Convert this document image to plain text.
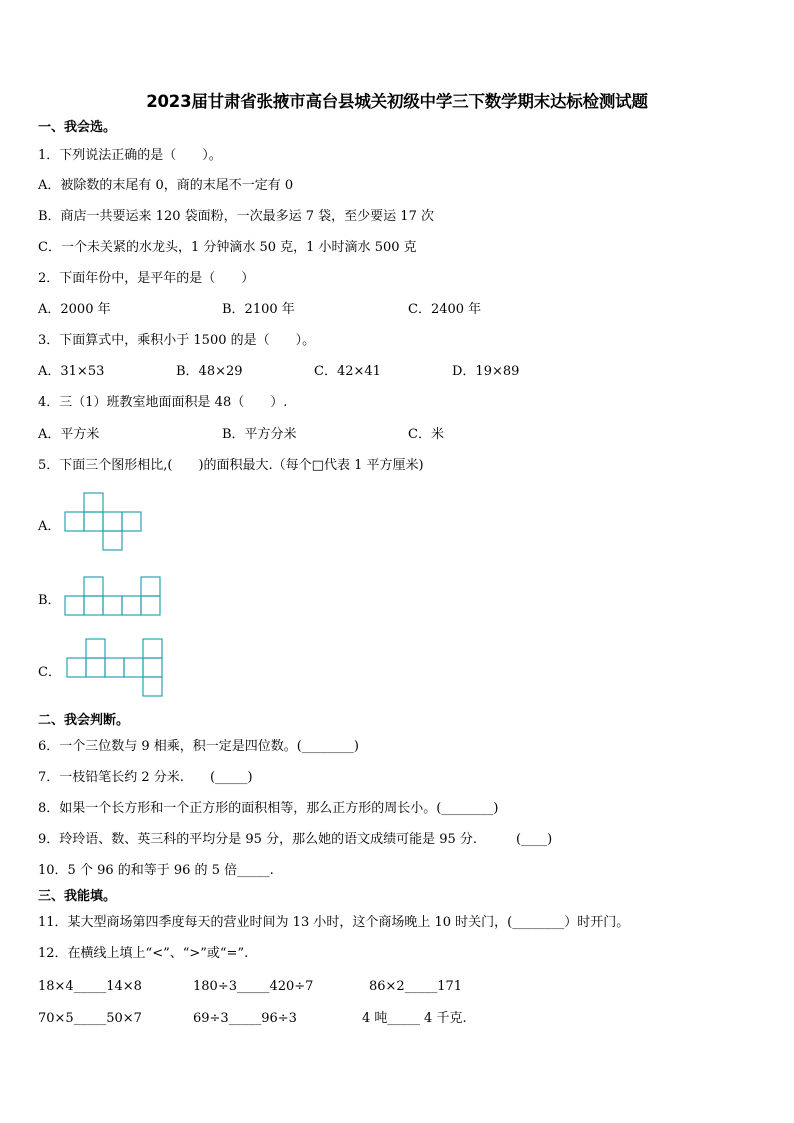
2023届甘肃省张掖市高台县城关初级中学三下数学期末达标检测试题
一、我会选。
1．下列说法正确的是（　　）。
A．被除数的末尾有 0，商的末尾不一定有 0
B．商店一共要运来 120 袋面粉，一次最多运 7 袋，至少要运 17 次
C．一个未关紧的水龙头，1 分钟滴水 50 克，1 小时滴水 500 克
2．下面年份中，是平年的是（　　）
A．2000 年	B．2100 年	C．2400 年
3．下面算式中，乘积小于 1500 的是（　　）。
A．31×53	B．48×29	C．42×41	D．19×89
4．三（1）班教室地面面积是 48（　　）.
A．平方米	B．平方分米	C．米
5．下面三个图形相比,(　　)的面积最大.（每个□代表 1 平方厘米)
A．
B．
C．
二、我会判断。
6．一个三位数与 9 相乘，积一定是四位数。(________)
7．一枝铅笔长约 2 分米.　　(_____)
8．如果一个长方形和一个正方形的面积相等，那么正方形的周长小。(________)
9．玲玲语、数、英三科的平均分是 95 分，那么她的语文成绩可能是 95 分.　　　(____)
10．5 个 96 的和等于 96 的 5 倍_____.
三、我能填。
11．某大型商场第四季度每天的营业时间为 13 小时，这个商场晚上 10 时关门，(________）时开门。
12．在横线上填上“<”、“>”或“=”.
18×4_____14×8	180÷3_____420÷7	86×2_____171
70×5_____50×7	69÷3_____96÷3	4 吨_____ 4 千克.
